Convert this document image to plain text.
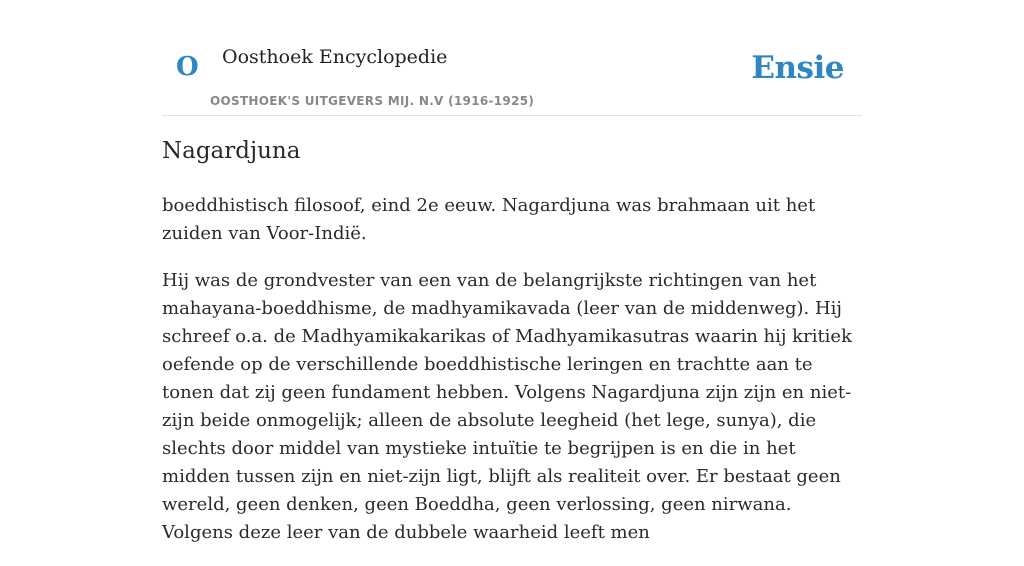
O Oosthoek Encyclopedie
OOSTHOEK'S UITGEVERS MIJ. N.V (1916-1925)
Ensie
Nagardjuna

boeddhistisch filosoof, eind 2e eeuw. Nagardjuna was brahmaan uit het zuiden van Voor-Indië.

Hij was de grondvester van een van de belangrijkste richtingen van het mahayana-boeddhisme, de madhyamikavada (leer van de middenweg). Hij schreef o.a. de Madhyamikakarikas of Madhyamikasutras waarin hij kritiek oefende op de verschillende boeddhistische leringen en trachtte aan te tonen dat zij geen fundament hebben. Volgens Nagardjuna zijn zijn en niet-zijn beide onmogelijk; alleen de absolute leegheid (het lege, sunya), die slechts door middel van mystieke intuïtie te begrijpen is en die in het midden tussen zijn en niet-zijn ligt, blijft als realiteit over. Er bestaat geen wereld, geen denken, geen Boeddha, geen verlossing, geen nirwana. Volgens deze leer van de dubbele waarheid leeft men
